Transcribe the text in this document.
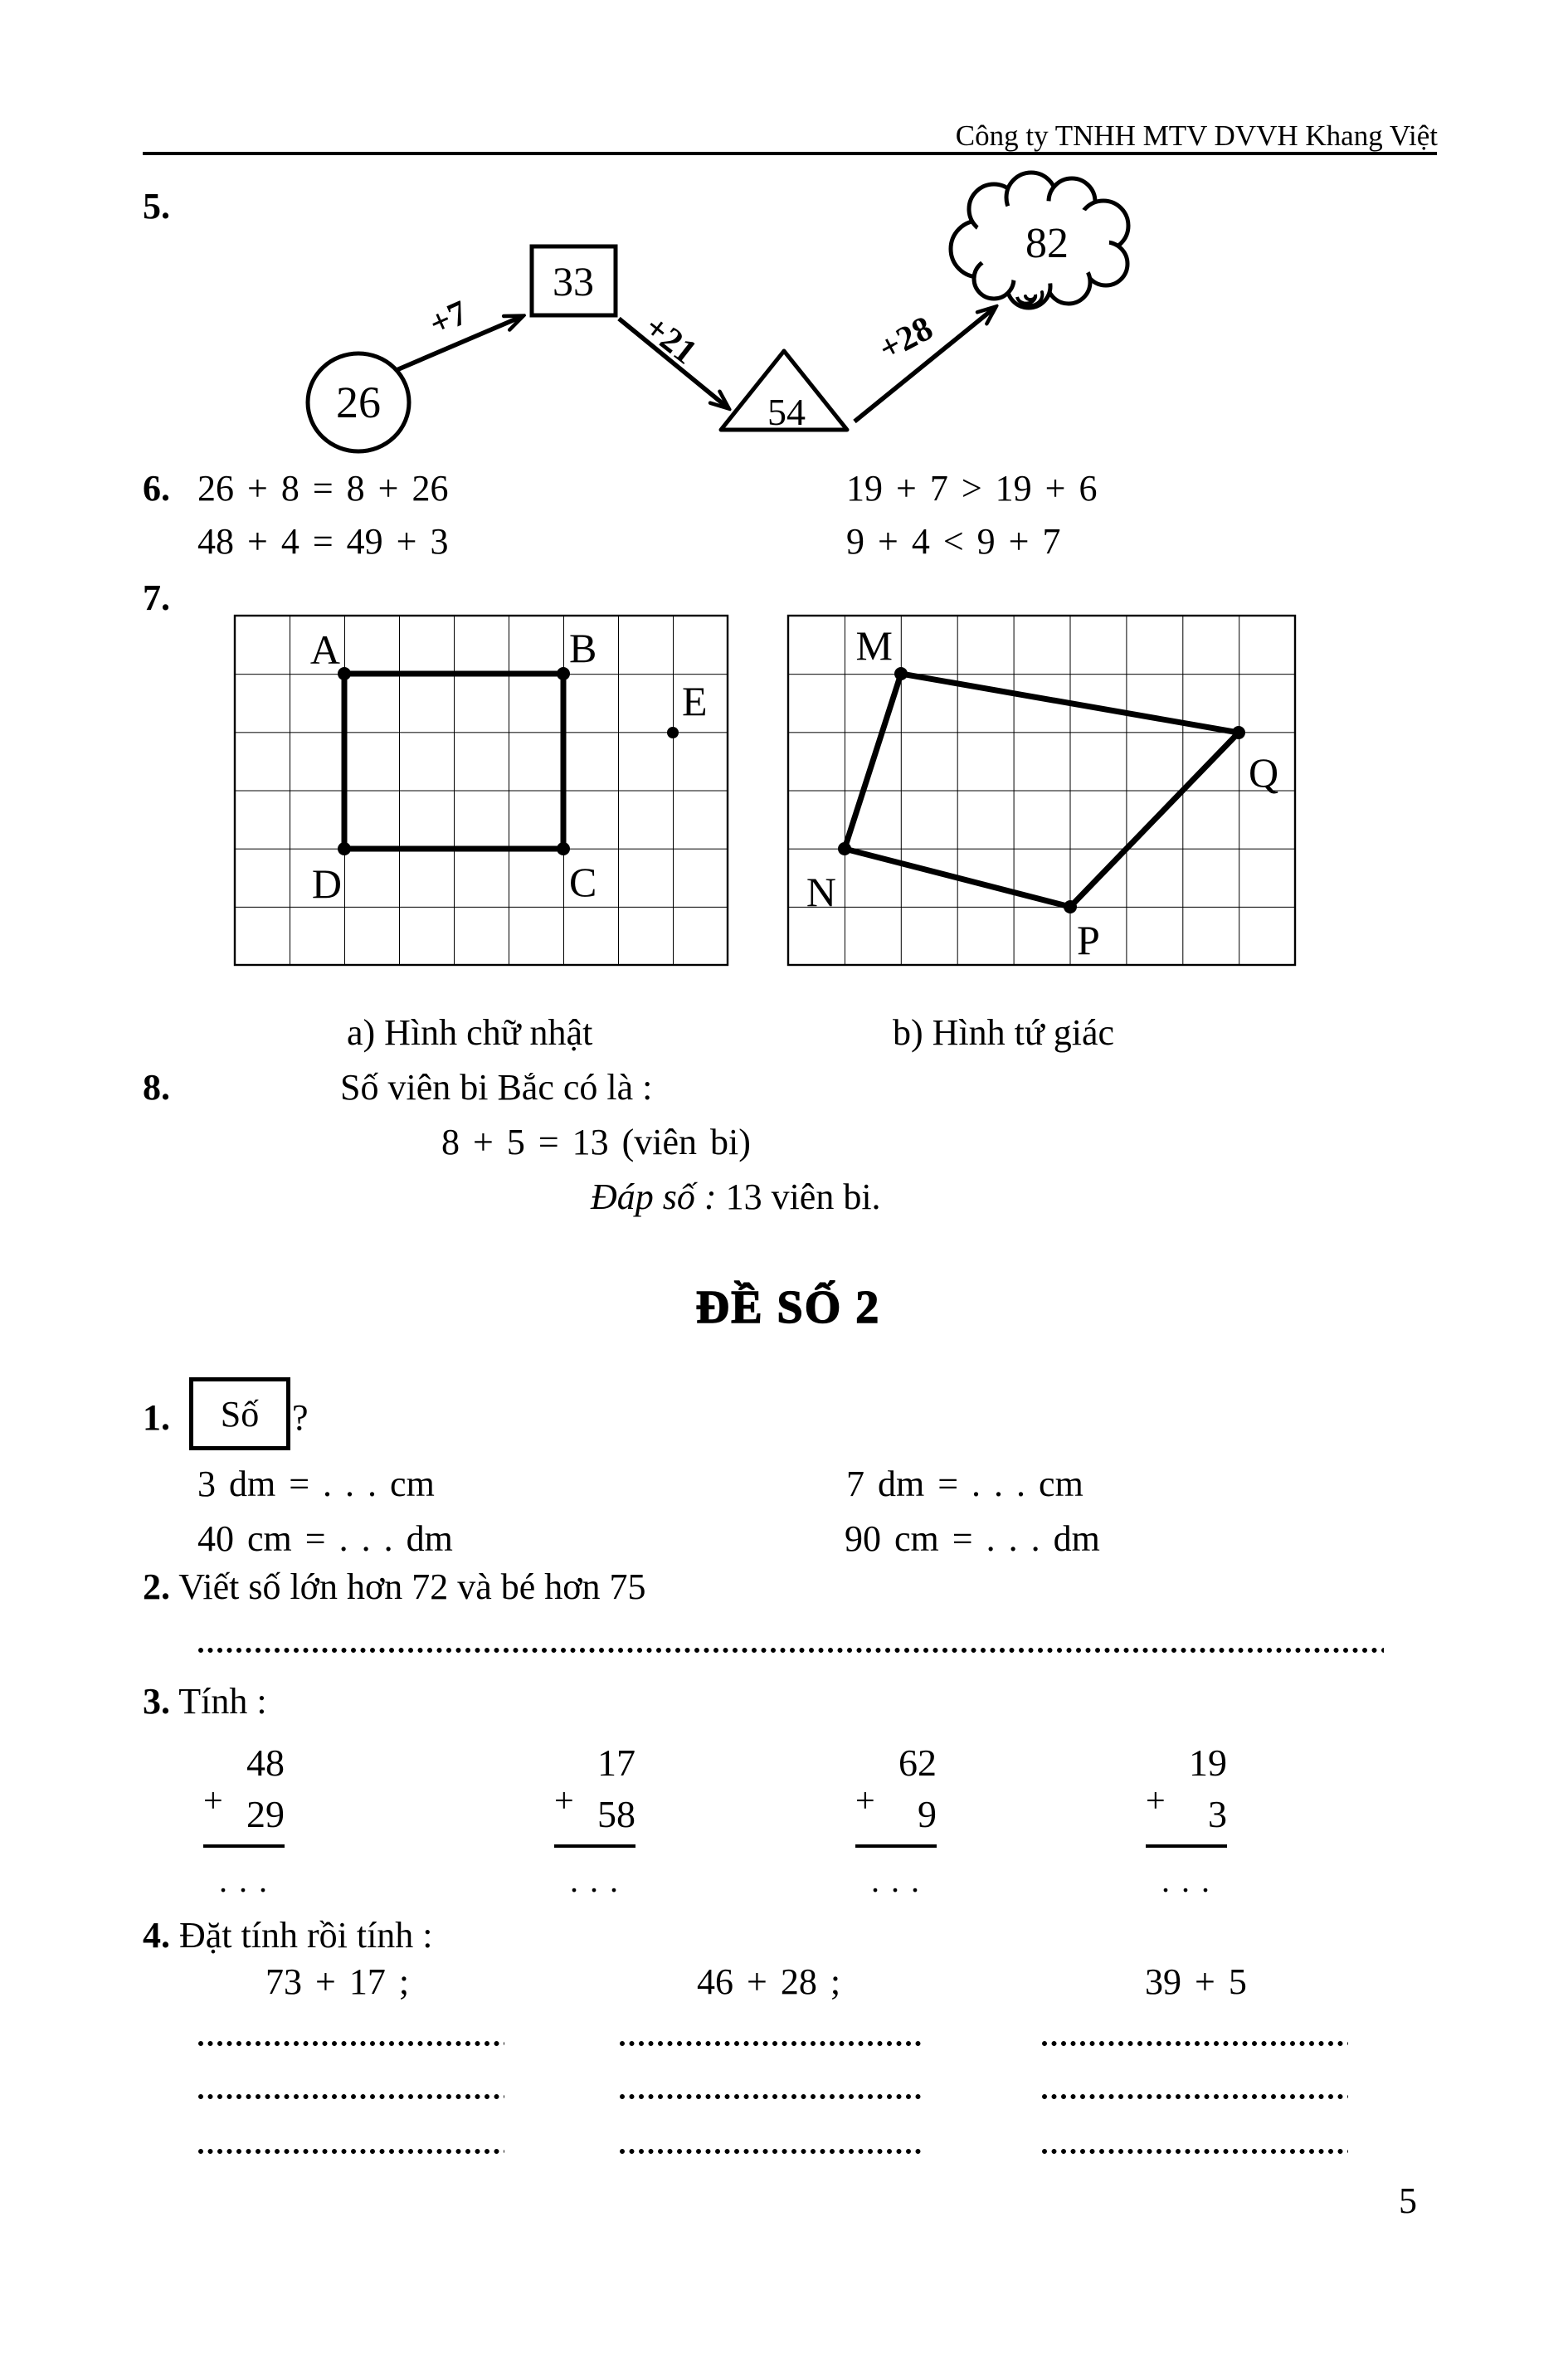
Công ty TNHH MTV DVVH Khang Việt
5.
+7	+21	+28
26
33
54
82
6. 26 + 8 = 8 + 26	19 + 7 > 19 + 6
48 + 4 = 49 + 3	9 + 4 < 9 + 7
7.
A	B
C
D
E
M
N
P
Q
a) Hình chữ nhật	b) Hình tứ giác
8.	Số viên bi Bắc có là :
8 + 5 = 13 (viên bi)
Đáp số : 13 viên bi.
ĐỀ SỐ 2
1. Số ?
3 dm = . . . cm	7 dm = . . . cm
40 cm = . . . dm	90 cm = . . . dm
2. Viết số lớn hơn 72 và bé hơn 75
3. Tính :
48
+ 29
. . .
17
+ 58
. . .
62
+ 9
. . .
19
+ 3
. . .
4. Đặt tính rồi tính :
73 + 17 ;	46 + 28 ;	39 + 5
5
